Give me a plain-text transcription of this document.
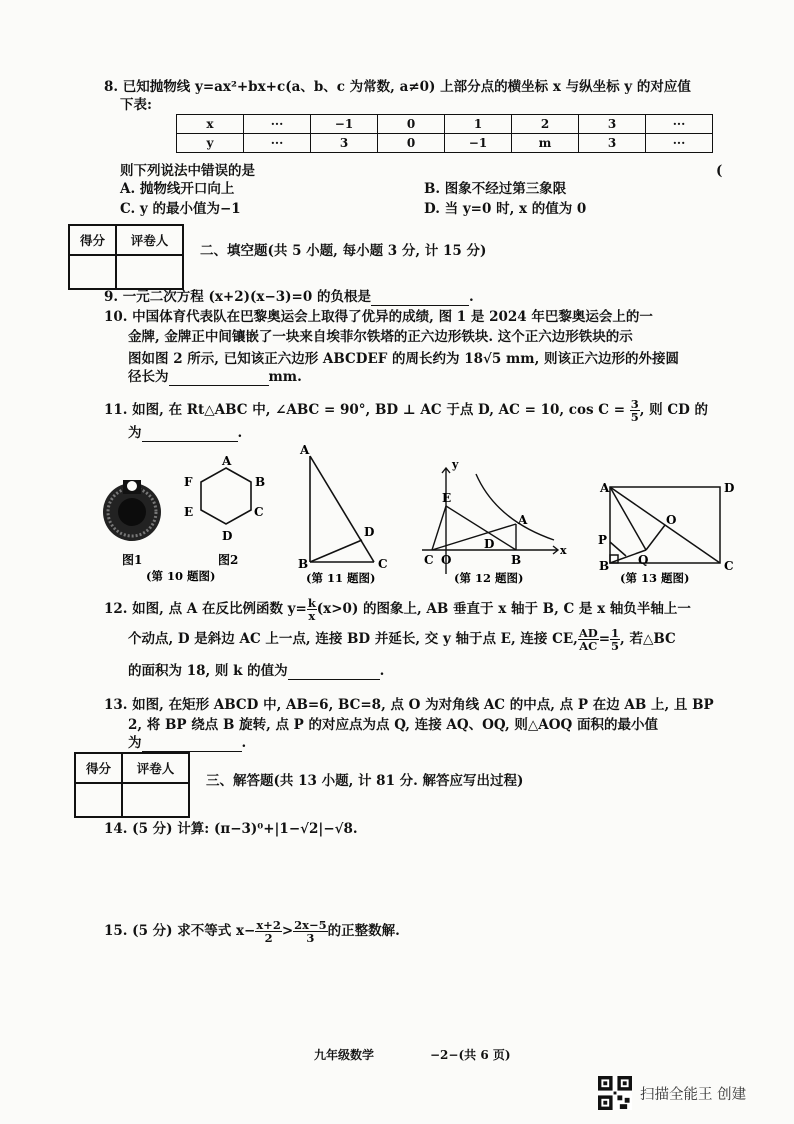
8. 已知抛物线 y=ax²+bx+c(a、b、c 为常数, a≠0) 上部分点的横坐标 x 与纵坐标 y 的对应值
下表:
x	···	−1	0	1	2	3	···
y	···	3	0	−1	m	3	···
则下列说法中错误的是	(
A. 抛物线开口向上	B. 图象不经过第三象限
C. y 的最小值为−1	D. 当 y=0 时, x 的值为 0
得分	评卷人

二、填空题(共 5 小题, 每小题 3 分, 计 15 分)
9. 一元二次方程 (x+2)(x−3)=0 的负根是	.
10. 中国体育代表队在巴黎奥运会上取得了优异的成绩, 图 1 是 2024 年巴黎奥运会上的一
金牌, 金牌正中间镶嵌了一块来自埃菲尔铁塔的正六边形铁块. 这个正六边形铁块的示
图如图 2 所示, 已知该正六边形 ABCDEF 的周长约为 18√5 mm, 则该正六边形的外接圆
径长为	mm.
11. 如图, 在 Rt△ABC 中, ∠ABC = 90°, BD ⊥ AC 于点 D, AC = 10, $\cos C = \frac{3}{5}$ , 则 CD 的
为	.
图1
A
B
C
D
E
F
图2
(第 10 题图)
A
B	C
D
(第 11 题图)
y
E
A
D
C O	B
x
(第 12 题图)
A	D
O
P
Q
B	C
(第 13 题图)
12. 如图, 点 A 在反比例函数 $y= \frac{k}{x} (x>0)$ 的图象上, AB 垂直于 x 轴于 B, C 是 x 轴负半轴上一
个动点, D 是斜边 AC 上一点, 连接 BD 并延长, 交 y 轴于点 E, 连接 CE, $\frac{AD}{AC} = \frac{1}{5}$ , 若△BC
的面积为 18, 则 k 的值为	.
13. 如图, 在矩形 ABCD 中, AB=6, BC=8, 点 O 为对角线 AC 的中点, 点 P 在边 AB 上, 且 BP
2, 将 BP 绕点 B 旋转, 点 P 的对应点为点 Q, 连接 AQ、OQ, 则△AOQ 面积的最小值
为	.
得分	评卷人

三、解答题(共 13 小题, 计 81 分. 解答应写出过程)
14. (5 分) 计算: (π−3)⁰+|1−√2|−√8.
15. (5 分) 求不等式 $x- \frac{x+2}{2} > \frac{2x-5}{3}$ 的正整数解.
九年级数学	−2−(共 6 页)
扫描全能王 创建
